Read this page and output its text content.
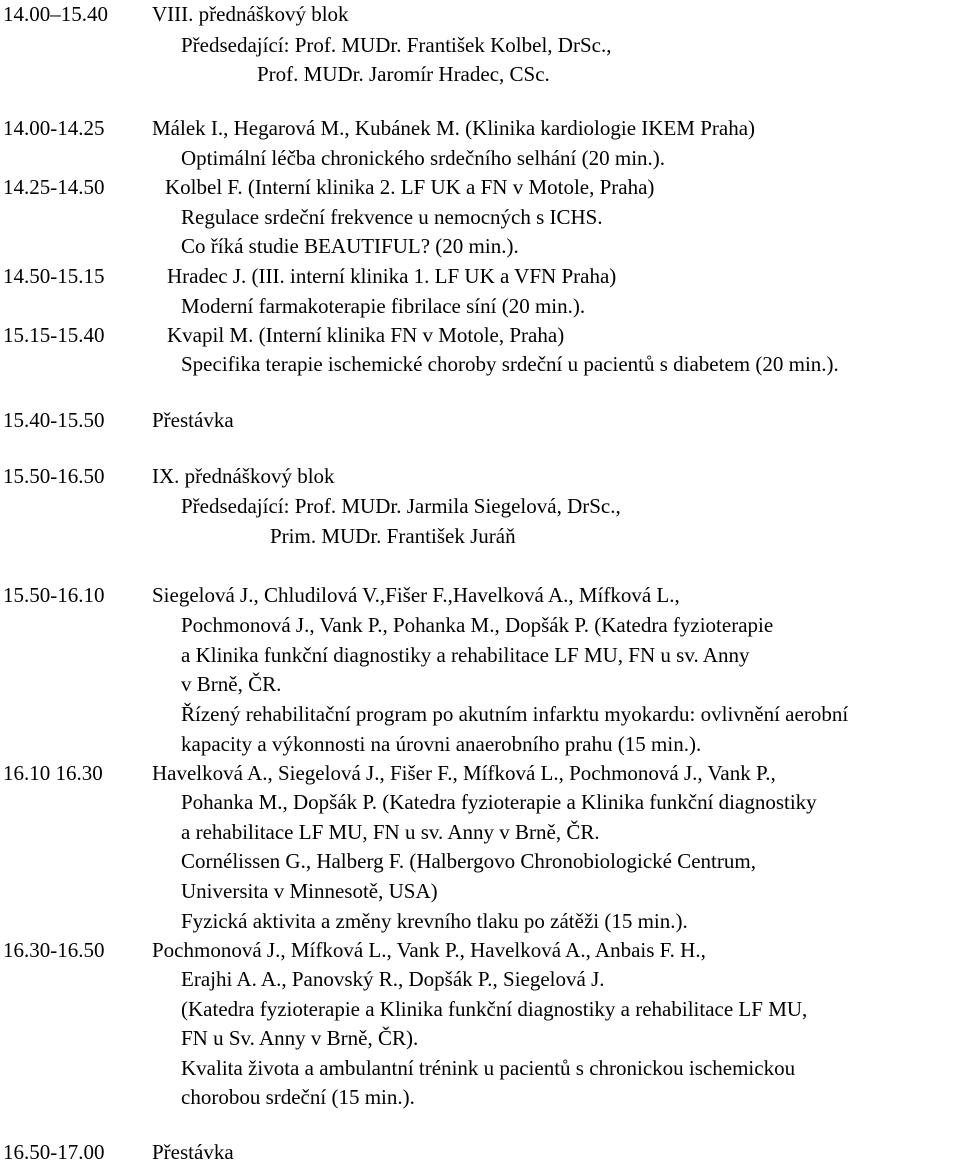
14.00–15.40 VIII. přednáškový blok
Předsedající: Prof. MUDr. František Kolbel, DrSc.,
Prof. MUDr. Jaromír Hradec, CSc.
14.00-14.25 Málek I., Hegarová M., Kubánek M. (Klinika kardiologie IKEM Praha)
Optimální léčba chronického srdečního selhání (20 min.).
14.25-14.50	Kolbel F. (Interní klinika 2. LF UK a FN v Motole, Praha)
Regulace srdeční frekvence u nemocných s ICHS.
Co říká studie BEAUTIFUL? (20 min.).
14.50-15.15	Hradec J. (III. interní klinika 1. LF UK a VFN Praha)
Moderní farmakoterapie fibrilace síní (20 min.).
15.15-15.40	Kvapil M. (Interní klinika FN v Motole, Praha)
Specifika terapie ischemické choroby srdeční u pacientů s diabetem (20 min.).
15.40-15.50 Přestávka
15.50-16.50 IX. přednáškový blok
Předsedající: Prof. MUDr. Jarmila Siegelová, DrSc.,
Prim. MUDr. František Juráň
15.50-16.10 Siegelová J., Chludilová V.,Fišer F.,Havelková A., Mífková L.,
Pochmonová J., Vank P., Pohanka M., Dopšák P. (Katedra fyzioterapie
a Klinika funkční diagnostiky a rehabilitace LF MU, FN u sv. Anny
v Brně, ČR.
Řízený rehabilitační program po akutním infarktu myokardu: ovlivnění aerobní
kapacity a výkonnosti na úrovni anaerobního prahu (15 min.).
16.10 16.30 Havelková A., Siegelová J., Fišer F., Mífková L., Pochmonová J., Vank P.,
Pohanka M., Dopšák P. (Katedra fyzioterapie a Klinika funkční diagnostiky
a rehabilitace LF MU, FN u sv. Anny v Brně, ČR.
Cornélissen G., Halberg F. (Halbergovo Chronobiologické Centrum,
Universita v Minnesotě, USA)
Fyzická aktivita a změny krevního tlaku po zátěži (15 min.).
16.30-16.50 Pochmonová J., Mífková L., Vank P., Havelková A., Anbais F. H.,
Erajhi A. A., Panovský R., Dopšák P., Siegelová J.
(Katedra fyzioterapie a Klinika funkční diagnostiky a rehabilitace LF MU,
FN u Sv. Anny v Brně, ČR).
Kvalita života a ambulantní trénink u pacientů s chronickou ischemickou
chorobou srdeční (15 min.).
16.50-17.00 Přestávka
